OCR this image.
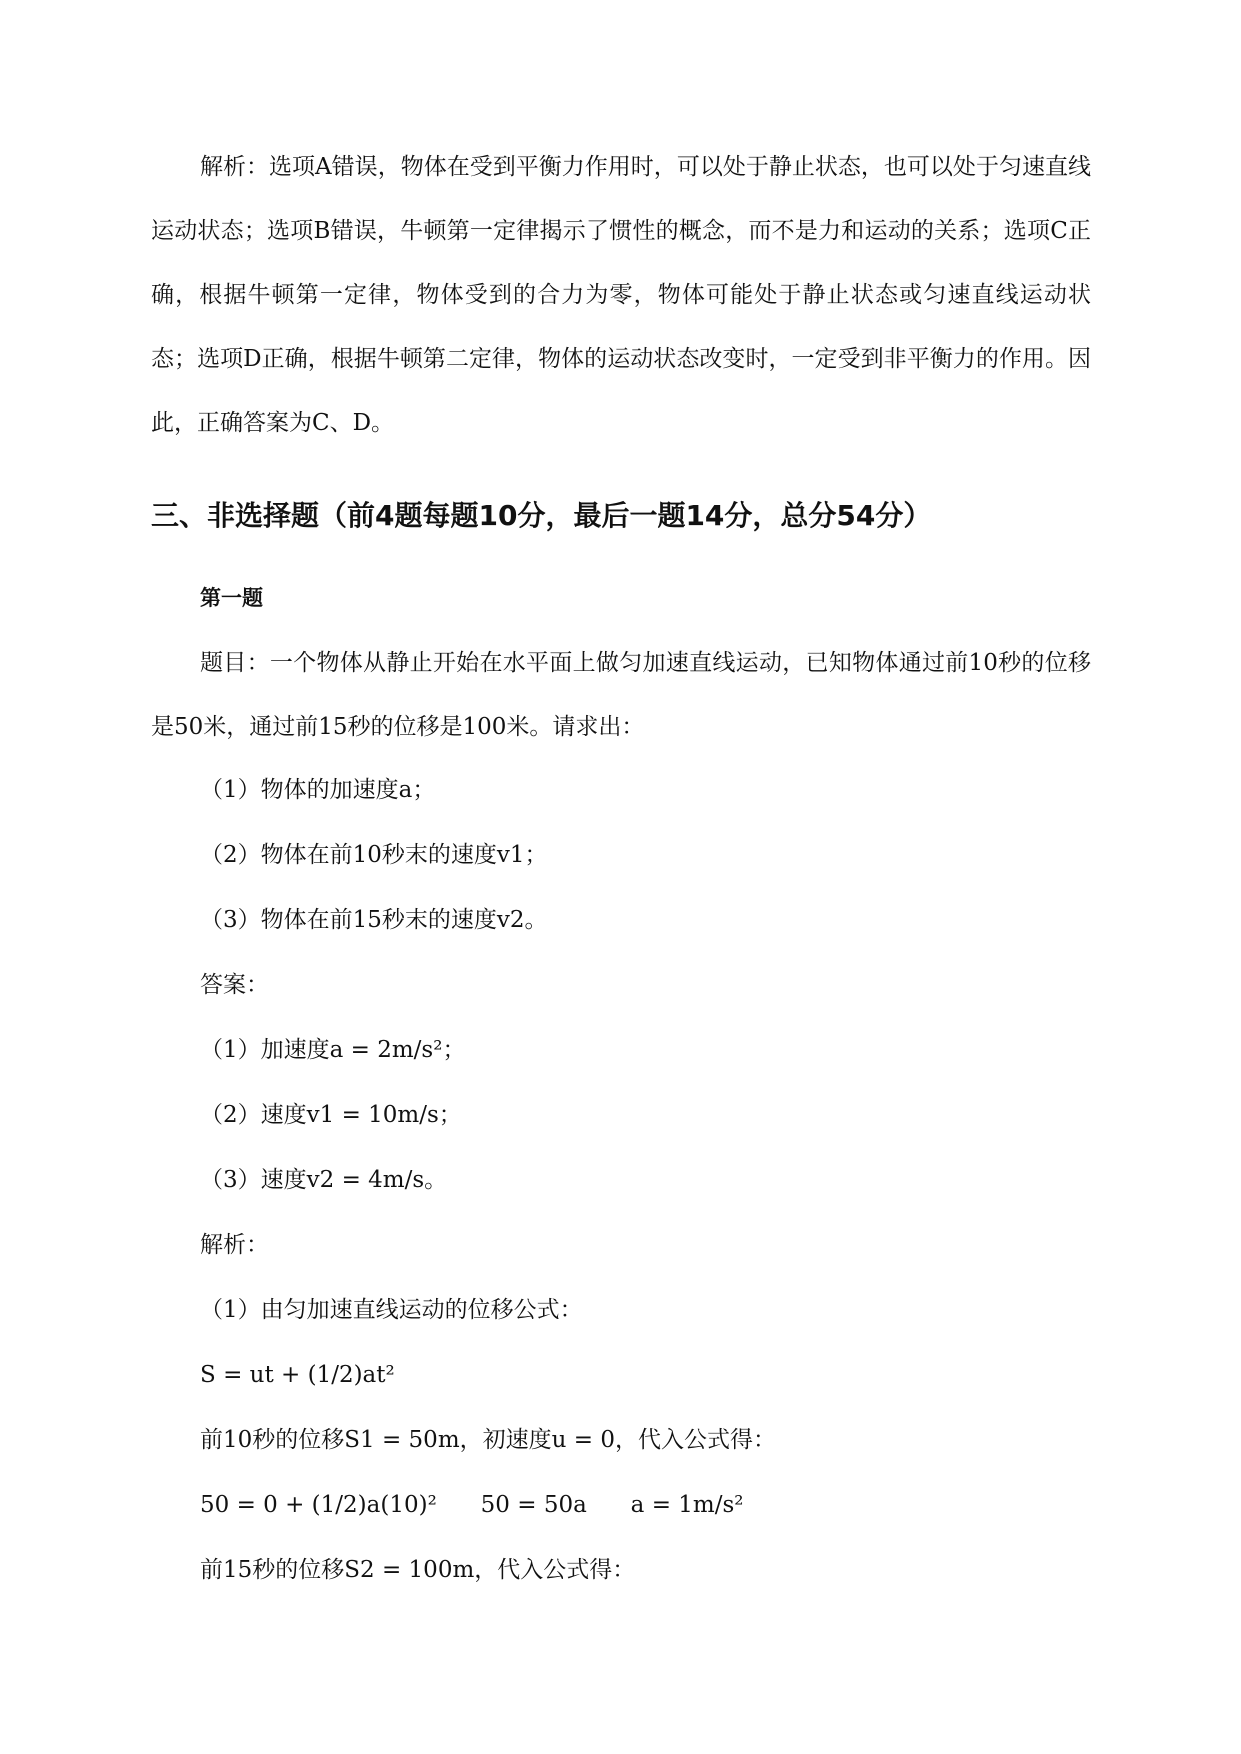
解析：选项A错误，物体在受到平衡力作用时，可以处于静止状态，也可以处于匀速直线运动状态；选项B错误，牛顿第一定律揭示了惯性的概念，而不是力和运动的关系；选项C正确，根据牛顿第一定律，物体受到的合力为零，物体可能处于静止状态或匀速直线运动状态；选项D正确，根据牛顿第二定律，物体的运动状态改变时，一定受到非平衡力的作用。因此，正确答案为C、D。

三、非选择题（前4题每题10分，最后一题14分，总分54分）
第一题

题目：一个物体从静止开始在水平面上做匀加速直线运动，已知物体通过前10秒的位移是50米，通过前15秒的位移是100米。请求出：

（1）物体的加速度a；

（2）物体在前10秒末的速度v1；

（3）物体在前15秒末的速度v2。

答案：

（1）加速度a = 2m/s²；

（2）速度v1 = 10m/s；

（3）速度v2 = 4m/s。

解析：

（1）由匀加速直线运动的位移公式：

S = ut + (1/2)at²

前10秒的位移S1 = 50m，初速度u = 0，代入公式得：

50 = 0 + (1/2)a(10)²      50 = 50a      a = 1m/s²

前15秒的位移S2 = 100m，代入公式得：
